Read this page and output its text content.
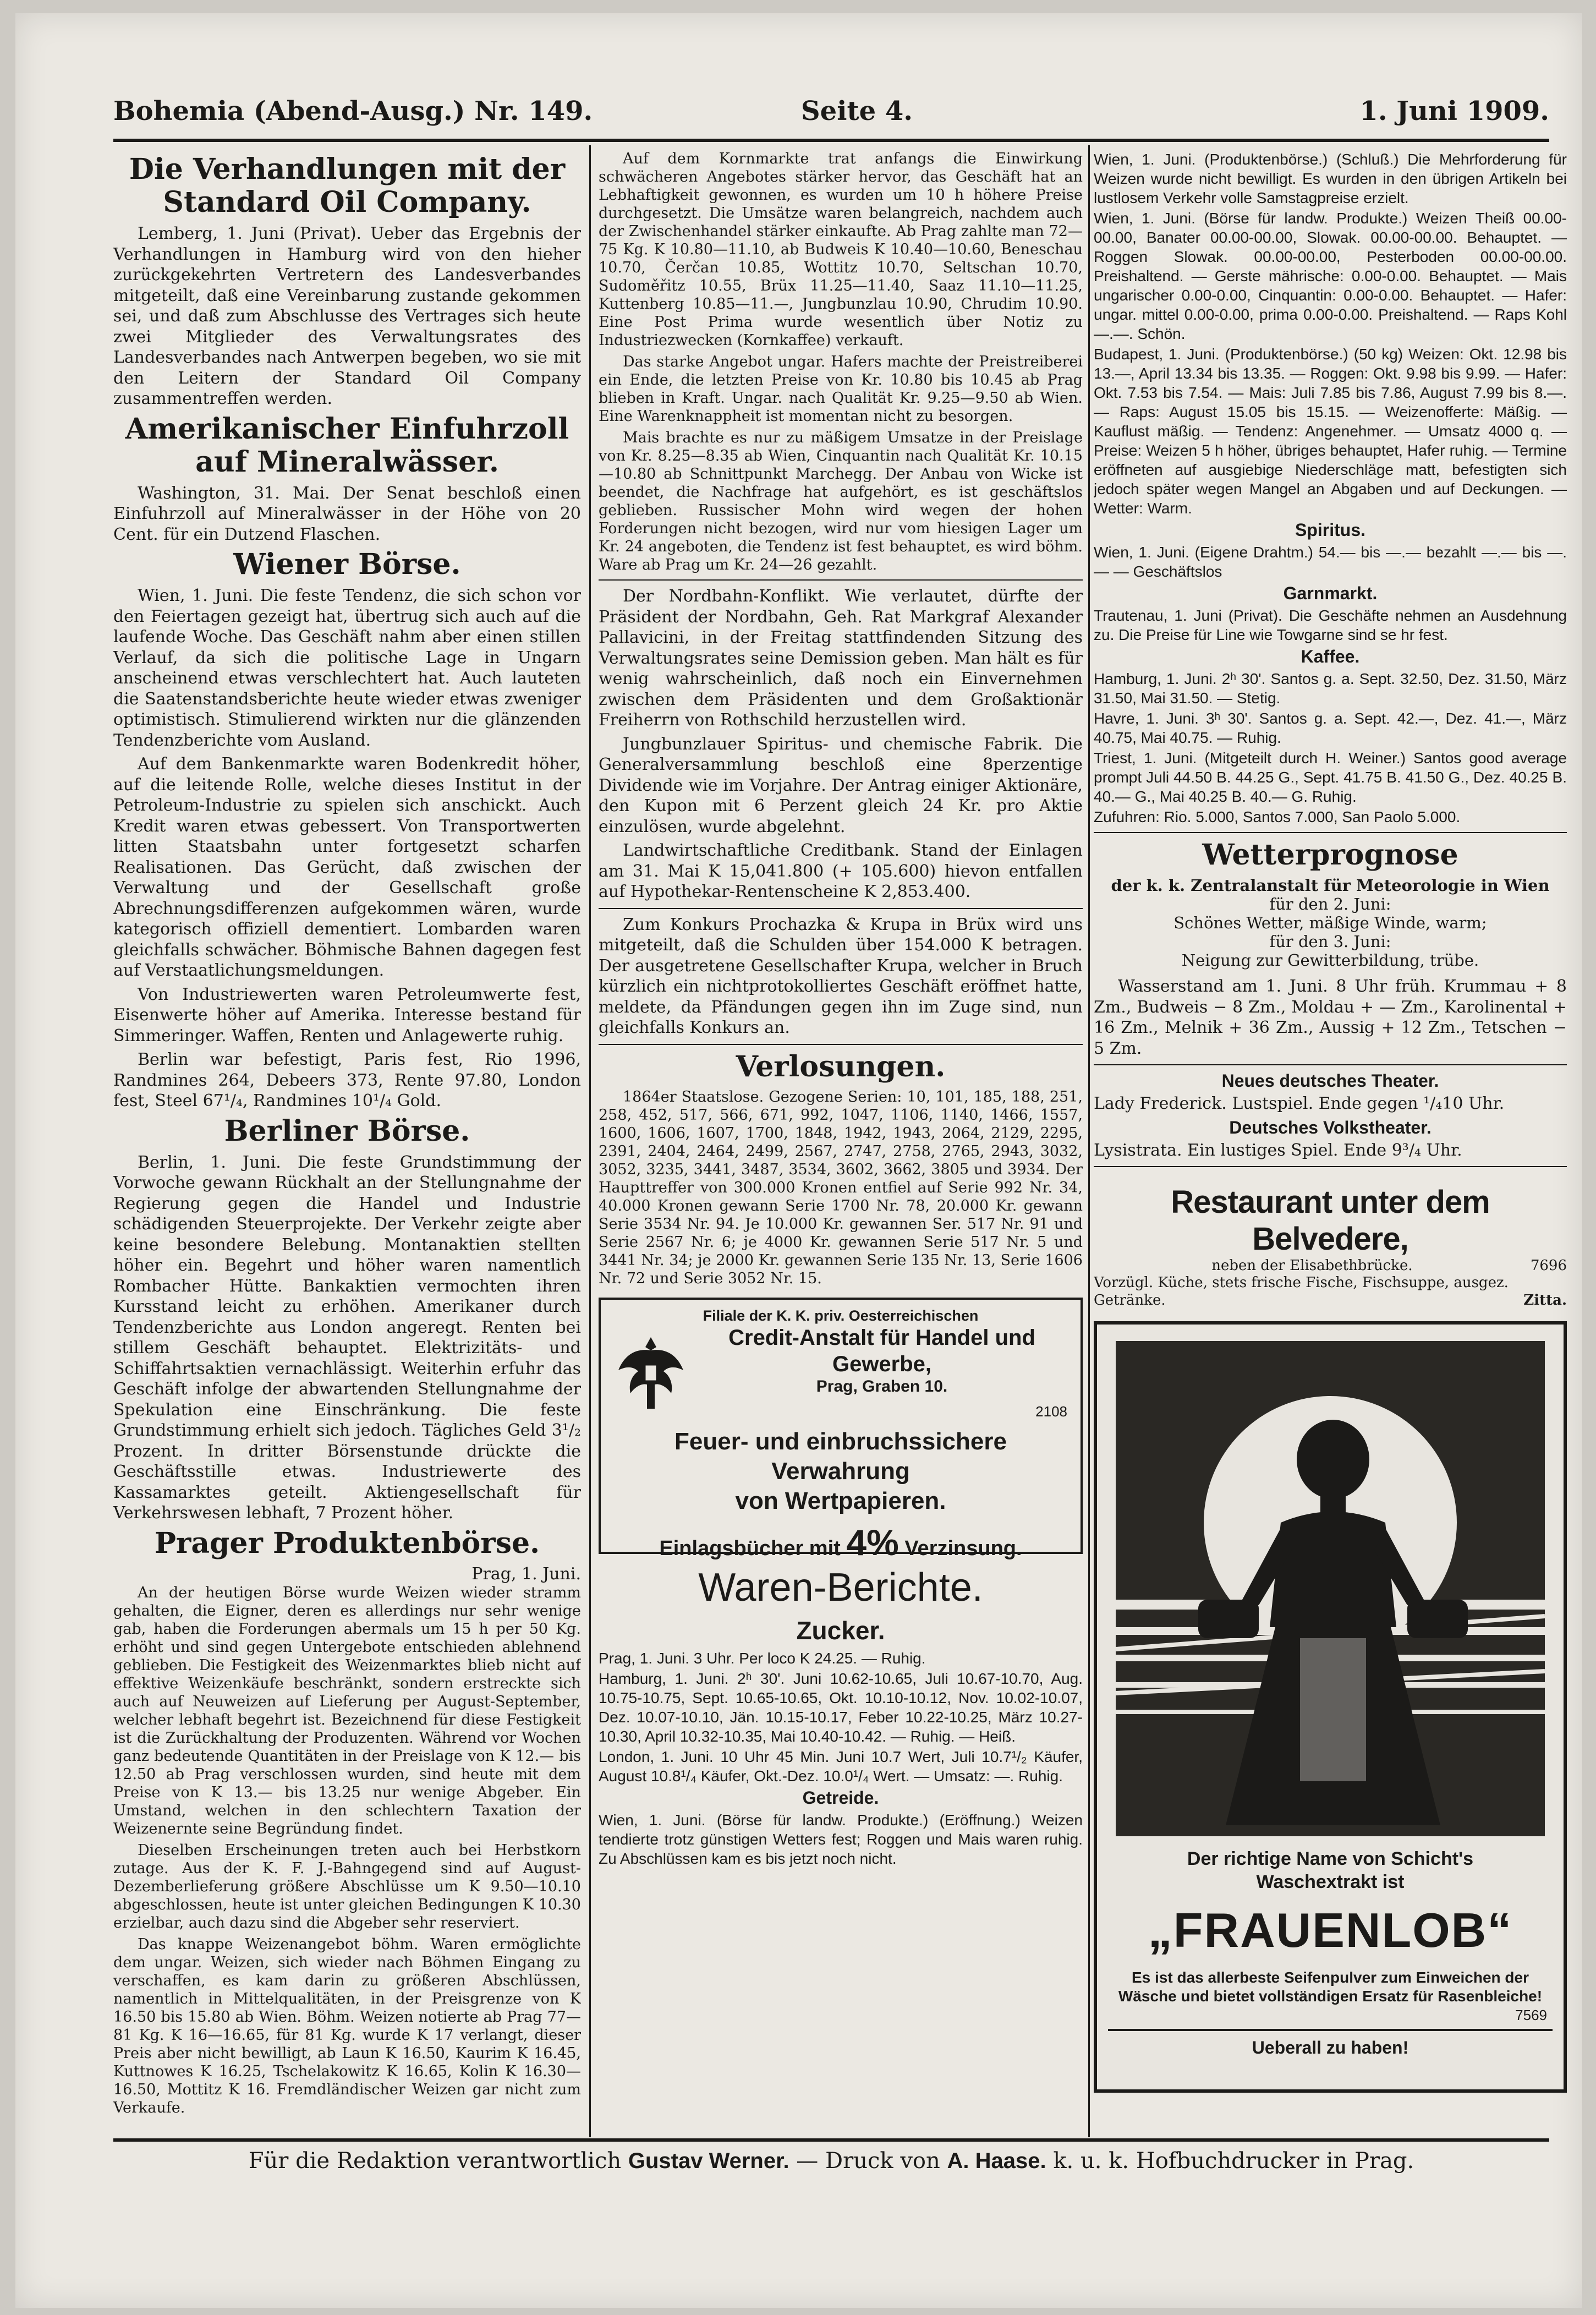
Bohemia (Abend-Ausg.) Nr. 149.	Seite 4.	1. Juni 1909.
Die Verhandlungen mit der Standard Oil Company.
Lemberg, 1. Juni (Privat). Ueber das Ergebnis der Verhandlungen in Hamburg wird von den hieher zurückgekehrten Vertretern des Landesverbandes mitgeteilt, daß eine Vereinbarung zustande gekommen sei, und daß zum Abschlusse des Vertrages sich heute zwei Mitglieder des Verwaltungsrates des Landesverbandes nach Antwerpen begeben, wo sie mit den Leitern der Standard Oil Company zusammentreffen werden.
Amerikanischer Einfuhrzoll auf Mineralwässer.
Washington, 31. Mai. Der Senat beschloß einen Einfuhrzoll auf Mineralwässer in der Höhe von 20 Cent. für ein Dutzend Flaschen.
Wiener Börse.
Wien, 1. Juni. Die feste Tendenz, die sich schon vor den Feiertagen gezeigt hat, übertrug sich auch auf die laufende Woche. Das Geschäft nahm aber einen stillen Verlauf, da sich die politische Lage in Ungarn anscheinend etwas verschlechtert hat. Auch lauteten die Saatenstandsberichte heute wieder etwas zweniger optimistisch. Stimulierend wirkten nur die glänzenden Tendenzberichte vom Ausland.
Auf dem Bankenmarkte waren Bodenkredit höher, auf die leitende Rolle, welche dieses Institut in der Petroleum-Industrie zu spielen sich anschickt. Auch Kredit waren etwas gebessert. Von Transportwerten litten Staatsbahn unter fortgesetzt scharfen Realisationen. Das Gerücht, daß zwischen der Verwaltung und der Gesellschaft große Abrechnungsdifferenzen aufgekommen wären, wurde kategorisch offiziell dementiert. Lombarden waren gleichfalls schwächer. Böhmische Bahnen dagegen fest auf Verstaatlichungsmeldungen.
Von Industriewerten waren Petroleumwerte fest, Eisenwerte höher auf Amerika. Interesse bestand für Simmeringer. Waffen, Renten und Anlagewerte ruhig.
Berlin war befestigt, Paris fest, Rio 1996, Randmines 264, Debeers 373, Rente 97.80, London fest, Steel 67¹/₄, Randmines 10¹/₄ Gold.
Berliner Börse.
Berlin, 1. Juni. Die feste Grundstimmung der Vorwoche gewann Rückhalt an der Stellungnahme der Regierung gegen die Handel und Industrie schädigenden Steuerprojekte. Der Verkehr zeigte aber keine besondere Belebung. Montanaktien stellten höher ein. Begehrt und höher waren namentlich Rombacher Hütte. Bankaktien vermochten ihren Kursstand leicht zu erhöhen. Amerikaner durch Tendenzberichte aus London angeregt. Renten bei stillem Geschäft behauptet. Elektrizitäts- und Schiffahrtsaktien vernachlässigt. Weiterhin erfuhr das Geschäft infolge der abwartenden Stellungnahme der Spekulation eine Einschränkung. Die feste Grundstimmung erhielt sich jedoch. Tägliches Geld 3¹/₂ Prozent. In dritter Börsenstunde drückte die Geschäftsstille etwas. Industriewerte des Kassamarktes geteilt. Aktiengesellschaft für Verkehrswesen lebhaft, 7 Prozent höher.
Prager Produktenbörse.
Prag, 1. Juni.
An der heutigen Börse wurde Weizen wieder stramm gehalten, die Eigner, deren es allerdings nur sehr wenige gab, haben die Forderungen abermals um 15 h per 50 Kg. erhöht und sind gegen Untergebote entschieden ablehnend geblieben. Die Festigkeit des Weizenmarktes blieb nicht auf effektive Weizenkäufe beschränkt, sondern erstreckte sich auch auf Neuweizen auf Lieferung per August-September, welcher lebhaft begehrt ist. Bezeichnend für diese Festigkeit ist die Zurückhaltung der Produzenten. Während vor Wochen ganz bedeutende Quantitäten in der Preislage von K 12.— bis 12.50 ab Prag verschlossen wurden, sind heute mit dem Preise von K 13.— bis 13.25 nur wenige Abgeber. Ein Umstand, welchen in den schlechtern Taxation der Weizenernte seine Begründung findet.
Dieselben Erscheinungen treten auch bei Herbstkorn zutage. Aus der K. F. J.-Bahngegend sind auf August-Dezemberlieferung größere Abschlüsse um K 9.50—10.10 abgeschlossen, heute ist unter gleichen Bedingungen K 10.30 erzielbar, auch dazu sind die Abgeber sehr reserviert.
Das knappe Weizenangebot böhm. Waren ermöglichte dem ungar. Weizen, sich wieder nach Böhmen Eingang zu verschaffen, es kam darin zu größeren Abschlüssen, namentlich in Mittelqualitäten, in der Preisgrenze von K 16.50 bis 15.80 ab Wien. Böhm. Weizen notierte ab Prag 77—81 Kg. K 16—16.65, für 81 Kg. wurde K 17 verlangt, dieser Preis aber nicht bewilligt, ab Laun K 16.50, Kaurim K 16.45, Kuttnowes K 16.25, Tschelakowitz K 16.65, Kolin K 16.30—16.50, Mottitz K 16. Fremdländischer Weizen gar nicht zum Verkaufe.
Auf dem Kornmarkte trat anfangs die Einwirkung schwächeren Angebotes stärker hervor, das Geschäft hat an Lebhaftigkeit gewonnen, es wurden um 10 h höhere Preise durchgesetzt. Die Umsätze waren belangreich, nachdem auch der Zwischenhandel stärker einkaufte. Ab Prag zahlte man 72—75 Kg. K 10.80—11.10, ab Budweis K 10.40—10.60, Beneschau 10.70, Čerčan 10.85, Wottitz 10.70, Seltschan 10.70, Sudoměřitz 10.55, Brüx 11.25—11.40, Saaz 11.10—11.25, Kuttenberg 10.85—11.—, Jungbunzlau 10.90, Chrudim 10.90. Eine Post Prima wurde wesentlich über Notiz zu Industriezwecken (Kornkaffee) verkauft.
Das starke Angebot ungar. Hafers machte der Preistreiberei ein Ende, die letzten Preise von Kr. 10.80 bis 10.45 ab Prag blieben in Kraft. Ungar. nach Qualität Kr. 9.25—9.50 ab Wien. Eine Warenknappheit ist momentan nicht zu besorgen.
Mais brachte es nur zu mäßigem Umsatze in der Preislage von Kr. 8.25—8.35 ab Wien, Cinquantin nach Qualität Kr. 10.15—10.80 ab Schnittpunkt Marchegg. Der Anbau von Wicke ist beendet, die Nachfrage hat aufgehört, es ist geschäftslos geblieben. Russischer Mohn wird wegen der hohen Forderungen nicht bezogen, wird nur vom hiesigen Lager um Kr. 24 angeboten, die Tendenz ist fest behauptet, es wird böhm. Ware ab Prag um Kr. 24—26 gezahlt.
Der Nordbahn-Konflikt. Wie verlautet, dürfte der Präsident der Nordbahn, Geh. Rat Markgraf Alexander Pallavicini, in der Freitag stattfindenden Sitzung des Verwaltungsrates seine Demission geben. Man hält es für wenig wahrscheinlich, daß noch ein Einvernehmen zwischen dem Präsidenten und dem Großaktionär Freiherrn von Rothschild herzustellen wird.
Jungbunzlauer Spiritus- und chemische Fabrik. Die Generalversammlung beschloß eine 8perzentige Dividende wie im Vorjahre. Der Antrag einiger Aktionäre, den Kupon mit 6 Perzent gleich 24 Kr. pro Aktie einzulösen, wurde abgelehnt.
Landwirtschaftliche Creditbank. Stand der Einlagen am 31. Mai K 15,041.800 (+ 105.600) hievon entfallen auf Hypothekar-Rentenscheine K 2,853.400.
Zum Konkurs Prochazka & Krupa in Brüx wird uns mitgeteilt, daß die Schulden über 154.000 K betragen. Der ausgetretene Gesellschafter Krupa, welcher in Bruch kürzlich ein nichtprotokolliertes Geschäft eröffnet hatte, meldete, da Pfändungen gegen ihn im Zuge sind, nun gleichfalls Konkurs an.
Verlosungen.
1864er Staatslose. Gezogene Serien: 10, 101, 185, 188, 251, 258, 452, 517, 566, 671, 992, 1047, 1106, 1140, 1466, 1557, 1600, 1606, 1607, 1700, 1848, 1942, 1943, 2064, 2129, 2295, 2391, 2404, 2464, 2499, 2567, 2747, 2758, 2765, 2943, 3032, 3052, 3235, 3441, 3487, 3534, 3602, 3662, 3805 und 3934. Der Haupttreffer von 300.000 Kronen entfiel auf Serie 992 Nr. 34, 40.000 Kronen gewann Serie 1700 Nr. 78, 20.000 Kr. gewann Serie 3534 Nr. 94. Je 10.000 Kr. gewannen Ser. 517 Nr. 91 und Serie 2567 Nr. 6; je 4000 Kr. gewannen Serie 517 Nr. 5 und 3441 Nr. 34; je 2000 Kr. gewannen Serie 135 Nr. 13, Serie 1606 Nr. 72 und Serie 3052 Nr. 15.
Filiale der K. K. priv. Oesterreichischen
Credit-Anstalt für Handel und Gewerbe,
Prag, Graben 10.
2108
Feuer- und einbruchssichere Verwahrung
von Wertpapieren.
Einlagsbücher mit 4% Verzinsung.
Waren-Berichte.
Zucker.
Prag, 1. Juni. 3 Uhr. Per loco K 24.25. — Ruhig.
Hamburg, 1. Juni. 2ʰ 30ʹ. Juni 10.62-10.65, Juli 10.67-10.70, Aug. 10.75-10.75, Sept. 10.65-10.65, Okt. 10.10-10.12, Nov. 10.02-10.07, Dez. 10.07-10.10, Jän. 10.15-10.17, Feber 10.22-10.25, März 10.27-10.30, April 10.32-10.35, Mai 10.40-10.42. — Ruhig. — Heiß.
London, 1. Juni. 10 Uhr 45 Min. Juni 10.7 Wert, Juli 10.7¹/₂ Käufer, August 10.8¹/₄ Käufer, Okt.-Dez. 10.0¹/₄ Wert. — Umsatz: —. Ruhig.
Getreide.
Wien, 1. Juni. (Börse für landw. Produkte.) (Eröffnung.) Weizen tendierte trotz günstigen Wetters fest; Roggen und Mais waren ruhig. Zu Abschlüssen kam es bis jetzt noch nicht.
Wien, 1. Juni. (Produktenbörse.) (Schluß.) Die Mehrforderung für Weizen wurde nicht bewilligt. Es wurden in den übrigen Artikeln bei lustlosem Verkehr volle Samstagpreise erzielt.
Wien, 1. Juni. (Börse für landw. Produkte.) Weizen Theiß 00.00-00.00, Banater 00.00-00.00, Slowak. 00.00-00.00. Behauptet. — Roggen Slowak. 00.00-00.00, Pesterboden 00.00-00.00. Preishaltend. — Gerste mährische: 0.00-0.00. Behauptet. — Mais ungarischer 0.00-0.00, Cinquantin: 0.00-0.00. Behauptet. — Hafer: ungar. mittel 0.00-0.00, prima 0.00-0.00. Preishaltend. — Raps Kohl —.—. Schön.
Budapest, 1. Juni. (Produktenbörse.) (50 kg) Weizen: Okt. 12.98 bis 13.—, April 13.34 bis 13.35. — Roggen: Okt. 9.98 bis 9.99. — Hafer: Okt. 7.53 bis 7.54. — Mais: Juli 7.85 bis 7.86, August 7.99 bis 8.—. — Raps: August 15.05 bis 15.15. — Weizenofferte: Mäßig. — Kauflust mäßig. — Tendenz: Angenehmer. — Umsatz 4000 q. — Preise: Weizen 5 h höher, übriges behauptet, Hafer ruhig. — Termine eröffneten auf ausgiebige Niederschläge matt, befestigten sich jedoch später wegen Mangel an Abgaben und auf Deckungen. — Wetter: Warm.
Spiritus.
Wien, 1. Juni. (Eigene Drahtm.) 54.— bis —.— bezahlt —.— bis —.— — Geschäftslos
Garnmarkt.
Trautenau, 1. Juni (Privat). Die Geschäfte nehmen an Ausdehnung zu. Die Preise für Line wie Towgarne sind se hr fest.
Kaffee.
Hamburg, 1. Juni. 2ʰ 30ʹ. Santos g. a. Sept. 32.50, Dez. 31.50, März 31.50, Mai 31.50. — Stetig.
Havre, 1. Juni. 3ʰ 30ʹ. Santos g. a. Sept. 42.—, Dez. 41.—, März 40.75, Mai 40.75. — Ruhig.
Triest, 1. Juni. (Mitgeteilt durch H. Weiner.) Santos good average prompt Juli 44.50 B. 44.25 G., Sept. 41.75 B. 41.50 G., Dez. 40.25 B. 40.— G., Mai 40.25 B. 40.— G. Ruhig.
Zufuhren: Rio. 5.000, Santos 7.000, San Paolo 5.000.
Wetterprognose
der k. k. Zentralanstalt für Meteorologie in Wien
für den 2. Juni:
Schönes Wetter, mäßige Winde, warm;
für den 3. Juni:
Neigung zur Gewitterbildung, trübe.
Wasserstand am 1. Juni. 8 Uhr früh. Krummau + 8 Zm., Budweis − 8 Zm., Moldau + — Zm., Karolinental + 16 Zm., Melnik + 36 Zm., Aussig + 12 Zm., Tetschen − 5 Zm.
Neues deutsches Theater.
Lady Frederick. Lustspiel. Ende gegen ¹/₄10 Uhr.
Deutsches Volkstheater.
Lysistrata. Ein lustiges Spiel. Ende 9³/₄ Uhr.
Restaurant unter dem Belvedere,
neben der Elisabethbrücke.	7696
Vorzügl. Küche, stets frische Fische, Fischsuppe, ausgez. Getränke.	Zitta.
Der richtige Name von Schicht's
Waschextrakt ist
„FRAUENLOB“
Es ist das allerbeste Seifenpulver zum Einweichen der Wäsche und bietet vollständigen Ersatz für Rasenbleiche!
7569
Ueberall zu haben!
Für die Redaktion verantwortlich Gustav Werner. — Druck von A. Haase. k. u. k. Hofbuchdrucker in Prag.
